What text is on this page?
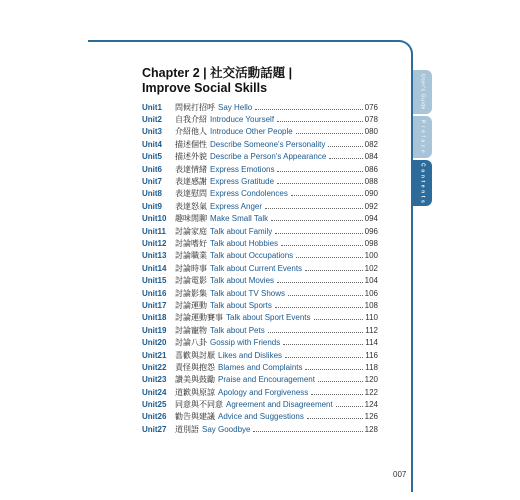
Chapter 2 | 社交活動話題 |
Improve Social Skills	User's Guide
P r e f a c e
C o n t e n t s
Unit1	問候打招呼 Say Hello	076
Unit2	自我介紹 Introduce Yourself	078
Unit3	介紹他人 Introduce Other People	080
Unit4	描述個性 Describe Someone's Personality	082
Unit5	描述外貌 Describe a Person's Appearance	084
Unit6	表達情緒 Express Emotions	086
Unit7	表達感謝 Express Gratitude	088
Unit8	表達慰問 Express Condolences	090
Unit9	表達怒氣 Express Anger	092
Unit10	趣味閒聊 Make Small Talk	094
Unit11	討論家庭 Talk about Family	096
Unit12	討論嗜好 Talk about Hobbies	098
Unit13	討論職業 Talk about Occupations	100
Unit14	討論時事 Talk about Current Events	102
Unit15	討論電影 Talk about Movies	104
Unit16	討論影集 Talk about TV Shows	106
Unit17	討論運動 Talk about Sports	108
Unit18	討論運動賽事 Talk about Sport Events	110
Unit19	討論寵物 Talk about Pets	112
Unit20	討論八卦 Gossip with Friends	114
Unit21	喜歡與討厭 Likes and Dislikes	116
Unit22	責怪與抱怨 Blames and Complaints	118
Unit23	讚美與鼓勵 Praise and Encouragement	120
Unit24	道歉與原諒 Apology and Forgiveness	122
Unit25	同意與不同意 Agreement and Disagreement	124
Unit26	勸告與建議 Advice and Suggestions	126
Unit27	道別語 Say Goodbye	128
007
